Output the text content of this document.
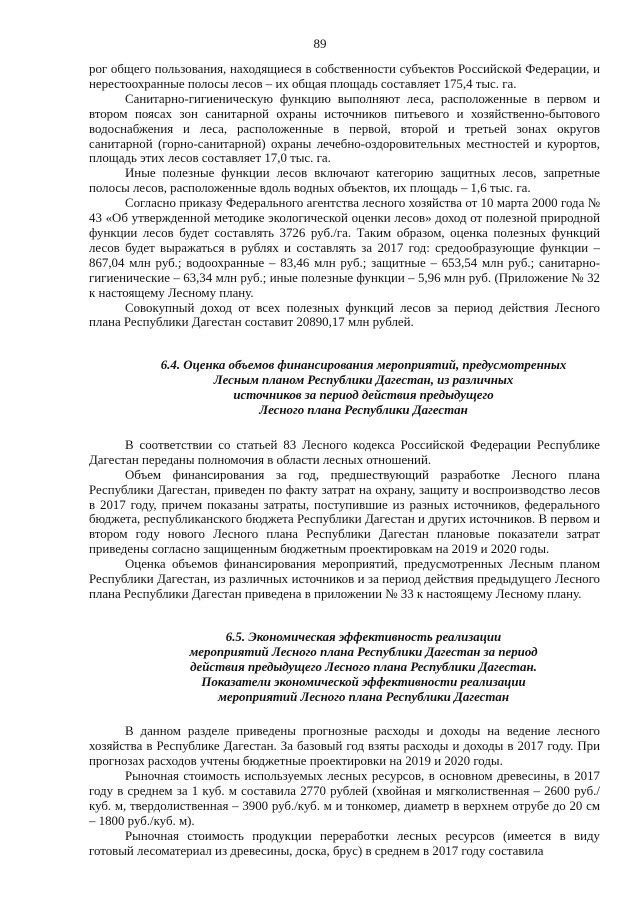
89

рог общего пользования, находящиеся в собственности субъектов Российской Федерации, и нерестоохранные полосы лесов – их общая площадь составляет 175,4 тыс. га.

Санитарно-гигиеническую функцию выполняют леса, расположенные в первом и втором поясах зон санитарной охраны источников питьевого и хозяйственно-бытового водоснабжения и леса, расположенные в первой, второй и третьей зонах округов санитарной (горно-санитарной) охраны лечебно-оздоровительных местностей и курортов, площадь этих лесов составляет 17,0 тыс. га.

Иные полезные функции лесов включают категорию защитных лесов, запретные полосы лесов, расположенные вдоль водных объектов, их площадь – 1,6 тыс. га.

Согласно приказу Федерального агентства лесного хозяйства от 10 марта 2000 года № 43 «Об утвержденной методике экологической оценки лесов» доход от полезной природной функции лесов будет составлять 3726 руб./га. Таким образом, оценка полезных функций лесов будет выражаться в рублях и составлять за 2017 год: средообразующие функции – 867,04 млн руб.; водоохранные – 83,46 млн руб.; защитные – 653,54 млн руб.; санитарно-гигиенические – 63,34 млн руб.; иные полезные функции – 5,96 млн руб. (Приложение № 32 к настоящему Лесному плану.

Совокупный доход от всех полезных функций лесов за период действия Лесного плана Республики Дагестан составит 20890,17 млн рублей.

6.4. Оценка объемов финансирования мероприятий, предусмотренных
Лесным планом Республики Дагестан, из различных
источников за период действия предыдущего
Лесного плана Республики Дагестан

В соответствии со статьей 83 Лесного кодекса Российской Федерации Республике Дагестан переданы полномочия в области лесных отношений.

Объем финансирования за год, предшествующий разработке Лесного плана Республики Дагестан, приведен по факту затрат на охрану, защиту и воспроизводство лесов в 2017 году, причем показаны затраты, поступившие из разных источников, федерального бюджета, республиканского бюджета Республики Дагестан и других источников. В первом и втором году нового Лесного плана Республики Дагестан плановые показатели затрат приведены согласно защищенным бюджетным проектировкам на 2019 и 2020 годы.

Оценка объемов финансирования мероприятий, предусмотренных Лесным планом Республики Дагестан, из различных источников и за период действия предыдущего Лесного плана Республики Дагестан приведена в приложении № 33 к настоящему Лесному плану.

6.5. Экономическая эффективность реализации
мероприятий Лесного плана Республики Дагестан за период
действия предыдущего Лесного плана Республики Дагестан.
Показатели экономической эффективности реализации
мероприятий Лесного плана Республики Дагестан

В данном разделе приведены прогнозные расходы и доходы на ведение лесного хозяйства в Республике Дагестан. За базовый год взяты расходы и доходы в 2017 году. При прогнозах расходов учтены бюджетные проектировки на 2019 и 2020 годы.

Рыночная стоимость используемых лесных ресурсов, в основном древесины, в 2017 году в среднем за 1 куб. м составила 2770 рублей (хвойная и мягколиственная – 2600 руб./куб. м, твердолиственная – 3900 руб./куб. м и тонкомер, диаметр в верхнем отрубе до 20 см – 1800 руб./куб. м).

Рыночная стоимость продукции переработки лесных ресурсов (имеется в виду готовый лесоматериал из древесины, доска, брус) в среднем в 2017 году составила
